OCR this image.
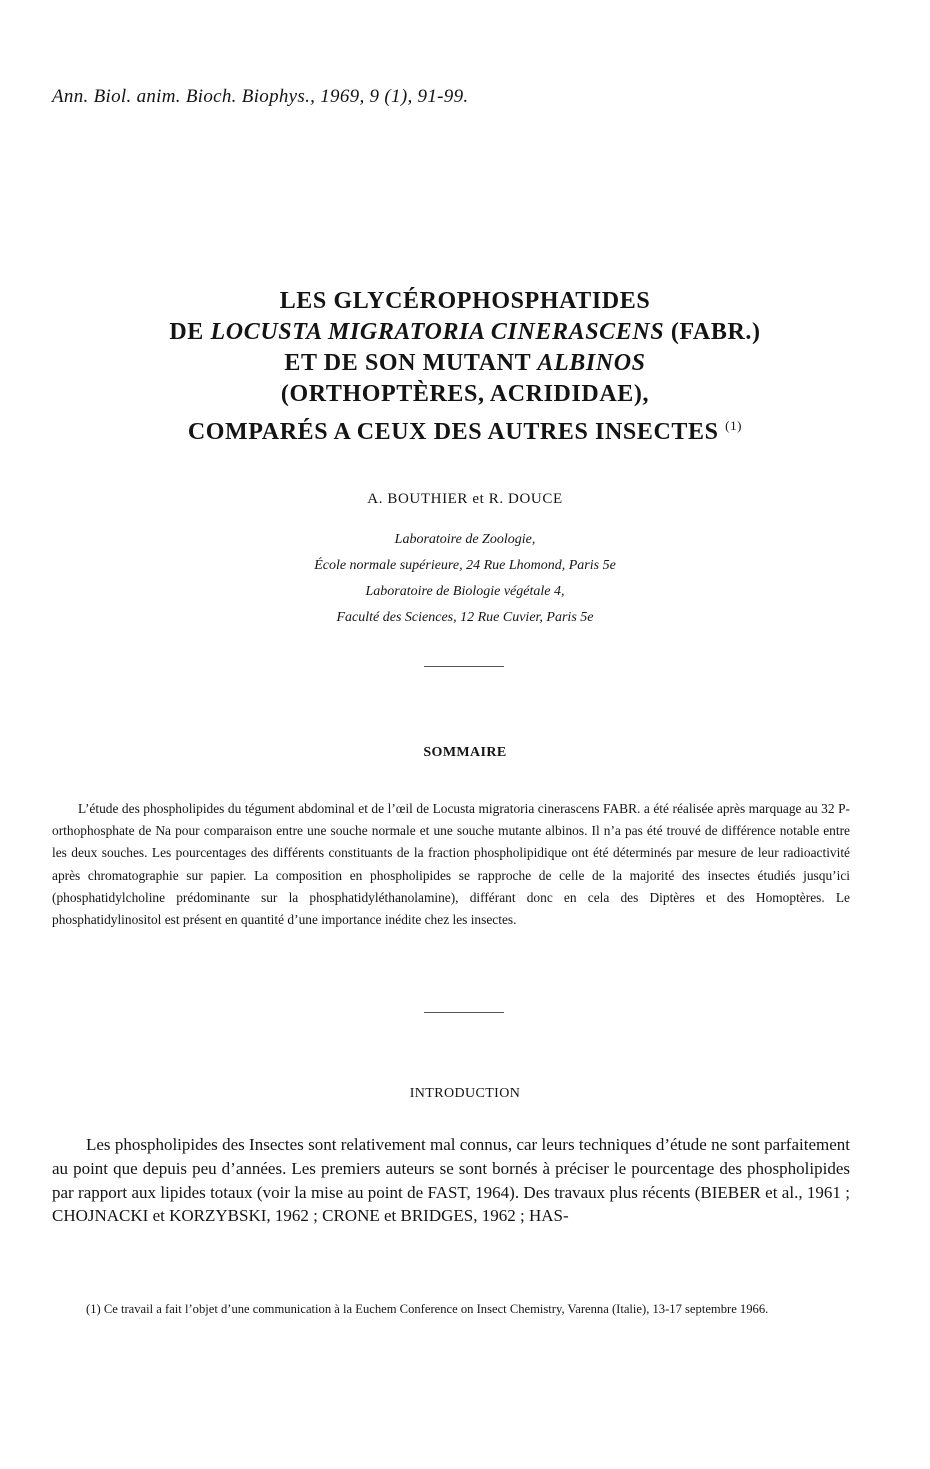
Ann. Biol. anim. Bioch. Biophys., 1969, 9 (1), 91-99.
LES GLYCÉROPHOSPHATIDES
DE LOCUSTA MIGRATORIA CINERASCENS (FABR.)
ET DE SON MUTANT ALBINOS
(ORTHOPTÈRES, ACRIDIDAE),
COMPARÉS A CEUX DES AUTRES INSECTES $^{(1)}$
A. BOUTHIER et R. DOUCE
Laboratoire de Zoologie,
École normale supérieure, 24 Rue Lhomond, Paris 5e
Laboratoire de Biologie végétale 4,
Faculté des Sciences, 12 Rue Cuvier, Paris 5e
SOMMAIRE

L’étude des phospholipides du tégument abdominal et de l’œil de Locusta migratoria cinerascens FABR. a été réalisée après marquage au 32 P-orthophosphate de Na pour comparaison entre une souche normale et une souche mutante albinos. Il n’a pas été trouvé de différence notable entre les deux souches. Les pourcentages des différents constituants de la fraction phospholipidique ont été déterminés par mesure de leur radioactivité après chromatographie sur papier. La composition en phospholipides se rapproche de celle de la majorité des insectes étudiés jusqu’ici (phosphatidylcholine prédominante sur la phosphatidyléthanolamine), différant donc en cela des Diptères et des Homoptères. Le phosphatidylinositol est présent en quantité d’une importance inédite chez les insectes.

INTRODUCTION

Les phospholipides des Insectes sont relativement mal connus, car leurs techniques d’étude ne sont parfaitement au point que depuis peu d’années. Les premiers auteurs se sont bornés à préciser le pourcentage des phospholipides par rapport aux lipides totaux (voir la mise au point de FAST, 1964). Des travaux plus récents (BIEBER et al., 1961 ; CHOJNACKI et KORZYBSKI, 1962 ; CRONE et BRIDGES, 1962 ; HAS-

(1) Ce travail a fait l’objet d’une communication à la Euchem Conference on Insect Chemistry, Varenna (Italie), 13-17 septembre 1966.
